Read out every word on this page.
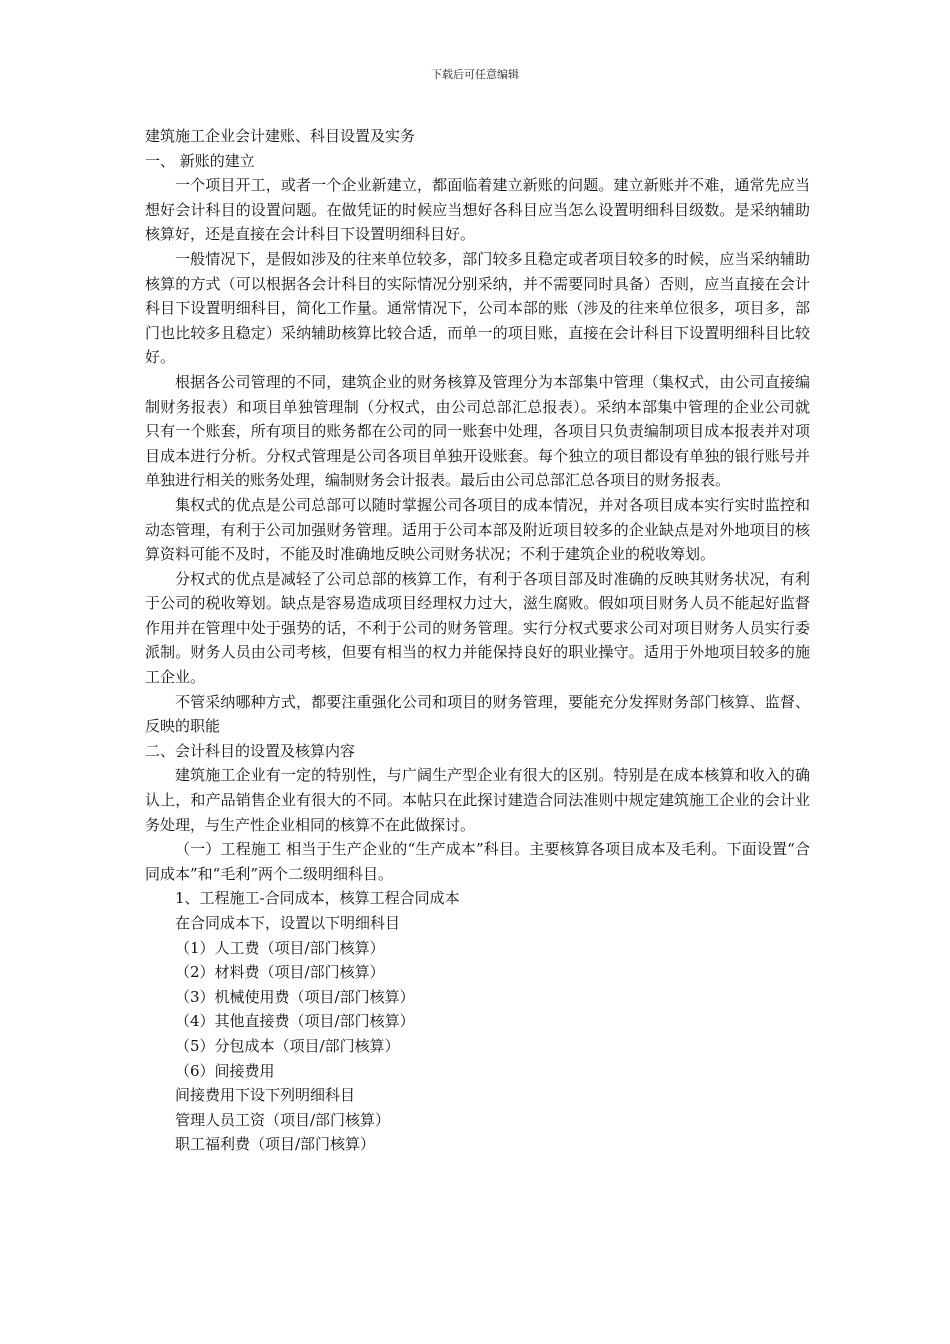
下载后可任意编辑

建筑施工企业会计建账、科目设置及实务

一、 新账的建立

一个项目开工，或者一个企业新建立，都面临着建立新账的问题。建立新账并不难，通常先应当想好会计科目的设置问题。在做凭证的时候应当想好各科目应当怎么设置明细科目级数。是采纳辅助核算好，还是直接在会计科目下设置明细科目好。

一般情况下，是假如涉及的往来单位较多，部门较多且稳定或者项目较多的时候，应当采纳辅助核算的方式（可以根据各会计科目的实际情况分别采纳，并不需要同时具备）否则，应当直接在会计科目下设置明细科目，简化工作量。通常情况下，公司本部的账（涉及的往来单位很多，项目多，部门也比较多且稳定）采纳辅助核算比较合适，而单一的项目账，直接在会计科目下设置明细科目比较好。

根据各公司管理的不同，建筑企业的财务核算及管理分为本部集中管理（集权式，由公司直接编制财务报表）和项目单独管理制（分权式，由公司总部汇总报表）。采纳本部集中管理的企业公司就只有一个账套，所有项目的账务都在公司的同一账套中处理，各项目只负责编制项目成本报表并对项目成本进行分析。分权式管理是公司各项目单独开设账套。每个独立的项目都设有单独的银行账号并单独进行相关的账务处理，编制财务会计报表。最后由公司总部汇总各项目的财务报表。

集权式的优点是公司总部可以随时掌握公司各项目的成本情况，并对各项目成本实行实时监控和动态管理，有利于公司加强财务管理。适用于公司本部及附近项目较多的企业缺点是对外地项目的核算资料可能不及时，不能及时准确地反映公司财务状况；不利于建筑企业的税收筹划。

分权式的优点是减轻了公司总部的核算工作，有利于各项目部及时准确的反映其财务状况，有利于公司的税收筹划。缺点是容易造成项目经理权力过大，滋生腐败。假如项目财务人员不能起好监督作用并在管理中处于强势的话，不利于公司的财务管理。实行分权式要求公司对项目财务人员实行委派制。财务人员由公司考核，但要有相当的权力并能保持良好的职业操守。适用于外地项目较多的施工企业。

不管采纳哪种方式，都要注重强化公司和项目的财务管理，要能充分发挥财务部门核算、监督、反映的职能

二、会计科目的设置及核算内容

建筑施工企业有一定的特别性，与广阔生产型企业有很大的区别。特别是在成本核算和收入的确认上，和产品销售企业有很大的不同。本帖只在此探讨建造合同法准则中规定建筑施工企业的会计业务处理，与生产性企业相同的核算不在此做探讨。

（一）工程施工 相当于生产企业的“生产成本”科目。主要核算各项目成本及毛利。下面设置“合同成本”和“毛利”两个二级明细科目。

1、工程施工-合同成本，核算工程合同成本

在合同成本下，设置以下明细科目

（1）人工费（项目/部门核算）

（2）材料费（项目/部门核算）

（3）机械使用费（项目/部门核算）

（4）其他直接费（项目/部门核算）

（5）分包成本（项目/部门核算）

（6）间接费用

间接费用下设下列明细科目

管理人员工资（项目/部门核算）

职工福利费（项目/部门核算）
